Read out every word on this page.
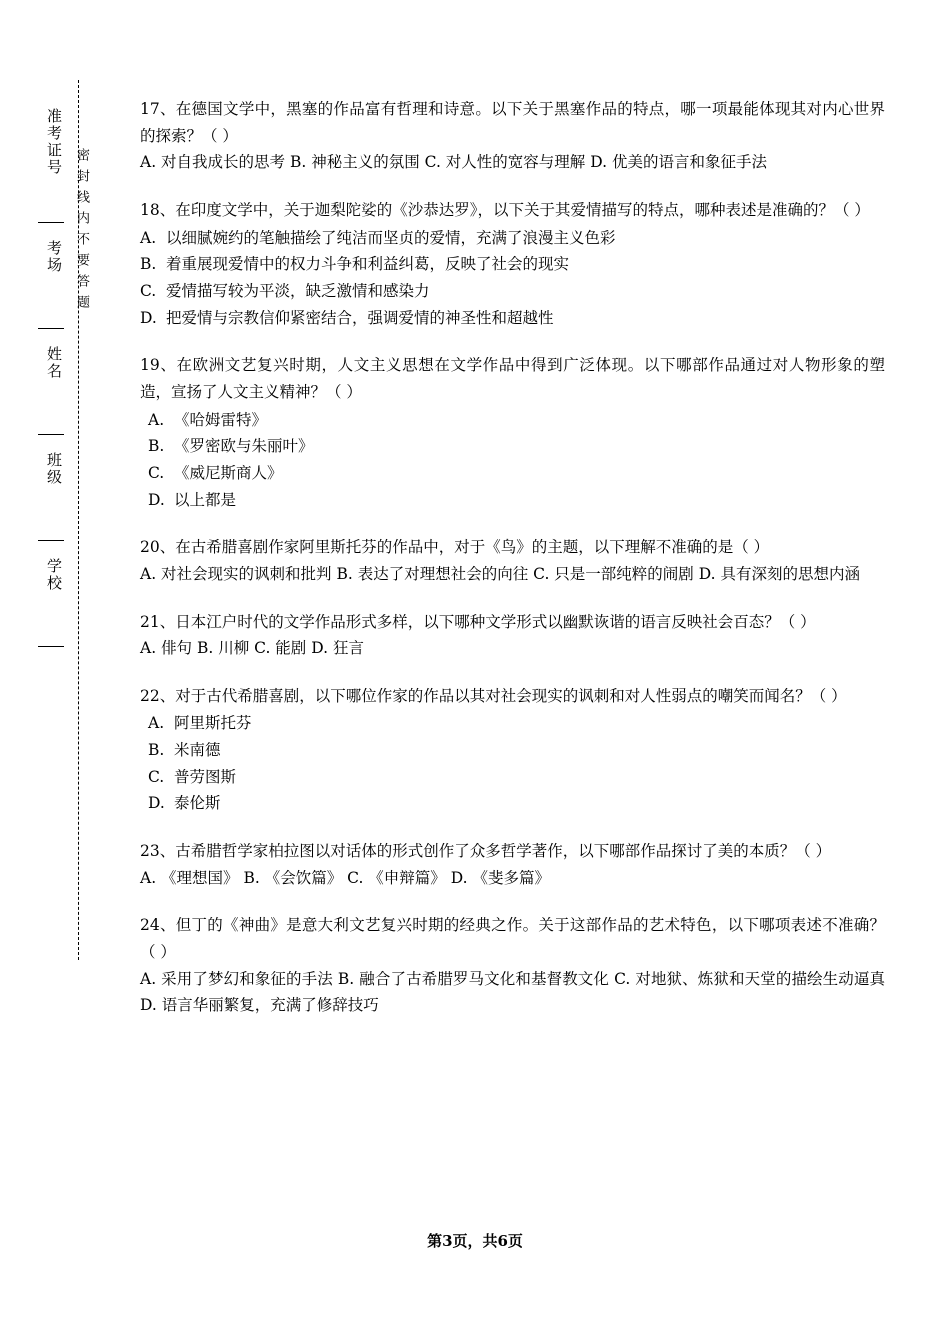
准考证号
考场
姓名
班级
学校
密封线内不要答题
17、在德国文学中，黑塞的作品富有哲理和诗意。以下关于黑塞作品的特点，哪一项最能体现其对内心世界的探索？（ ）
A. 对自我成长的思考 B. 神秘主义的氛围 C. 对人性的宽容与理解 D. 优美的语言和象征手法
18、在印度文学中，关于迦梨陀娑的《沙恭达罗》，以下关于其爱情描写的特点，哪种表述是准确的？（ ）
A. 以细腻婉约的笔触描绘了纯洁而坚贞的爱情，充满了浪漫主义色彩
B. 着重展现爱情中的权力斗争和利益纠葛，反映了社会的现实
C. 爱情描写较为平淡，缺乏激情和感染力
D. 把爱情与宗教信仰紧密结合，强调爱情的神圣性和超越性
19、在欧洲文艺复兴时期，人文主义思想在文学作品中得到广泛体现。以下哪部作品通过对人物形象的塑造，宣扬了人文主义精神？（ ）
A. 《哈姆雷特》
B. 《罗密欧与朱丽叶》
C. 《威尼斯商人》
D. 以上都是
20、在古希腊喜剧作家阿里斯托芬的作品中，对于《鸟》的主题，以下理解不准确的是（ ）
A. 对社会现实的讽刺和批判 B. 表达了对理想社会的向往 C. 只是一部纯粹的闹剧 D. 具有深刻的思想内涵
21、日本江户时代的文学作品形式多样，以下哪种文学形式以幽默诙谐的语言反映社会百态？（ ）
A. 俳句 B. 川柳 C. 能剧 D. 狂言
22、对于古代希腊喜剧，以下哪位作家的作品以其对社会现实的讽刺和对人性弱点的嘲笑而闻名？（ ）
A. 阿里斯托芬
B. 米南德
C. 普劳图斯
D. 泰伦斯
23、古希腊哲学家柏拉图以对话体的形式创作了众多哲学著作，以下哪部作品探讨了美的本质？（ ）
A. 《理想国》 B. 《会饮篇》 C. 《申辩篇》 D. 《斐多篇》
24、但丁的《神曲》是意大利文艺复兴时期的经典之作。关于这部作品的艺术特色，以下哪项表述不准确？（ ）
A. 采用了梦幻和象征的手法 B. 融合了古希腊罗马文化和基督教文化 C. 对地狱、炼狱和天堂的描绘生动逼真 D. 语言华丽繁复，充满了修辞技巧
第3页，共6页
